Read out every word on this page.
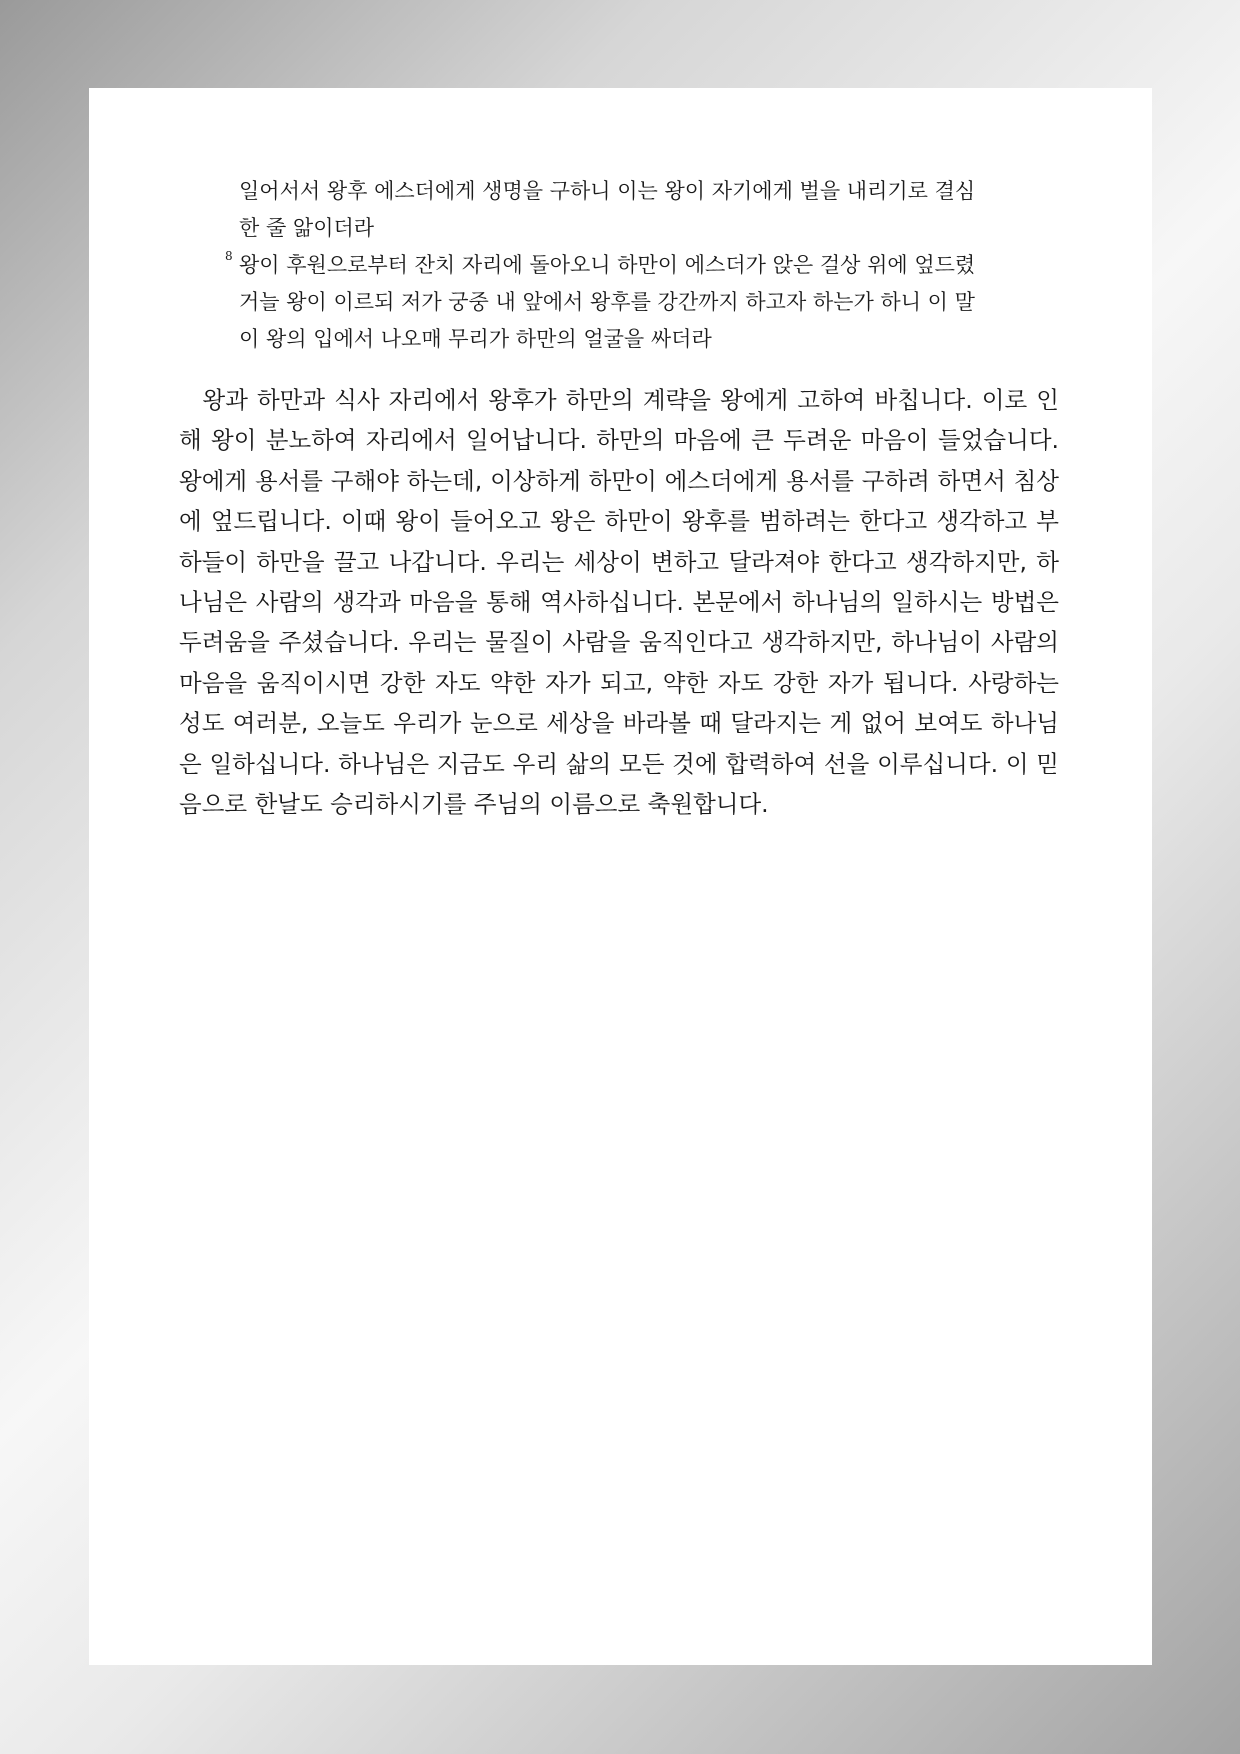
일어서서 왕후 에스더에게 생명을 구하니 이는 왕이 자기에게 벌을 내리기로 결심한 줄 앎이더라

8 왕이 후원으로부터 잔치 자리에 돌아오니 하만이 에스더가 앉은 걸상 위에 엎드렸거늘 왕이 이르되 저가 궁중 내 앞에서 왕후를 강간까지 하고자 하는가 하니 이 말이 왕의 입에서 나오매 무리가 하만의 얼굴을 싸더라

왕과 하만과 식사 자리에서 왕후가 하만의 계략을 왕에게 고하여 바칩니다. 이로 인해 왕이 분노하여 자리에서 일어납니다. 하만의 마음에 큰 두려운 마음이 들었습니다. 왕에게 용서를 구해야 하는데, 이상하게 하만이 에스더에게 용서를 구하려 하면서 침상에 엎드립니다. 이때 왕이 들어오고 왕은 하만이 왕후를 범하려는 한다고 생각하고 부하들이 하만을 끌고 나갑니다. 우리는 세상이 변하고 달라져야 한다고 생각하지만, 하나님은 사람의 생각과 마음을 통해 역사하십니다. 본문에서 하나님의 일하시는 방법은 두려움을 주셨습니다. 우리는 물질이 사람을 움직인다고 생각하지만, 하나님이 사람의 마음을 움직이시면 강한 자도 약한 자가 되고, 약한 자도 강한 자가 됩니다. 사랑하는 성도 여러분, 오늘도 우리가 눈으로 세상을 바라볼 때 달라지는 게 없어 보여도 하나님은 일하십니다. 하나님은 지금도 우리 삶의 모든 것에 합력하여 선을 이루십니다. 이 믿음으로 한날도 승리하시기를 주님의 이름으로 축원합니다.
